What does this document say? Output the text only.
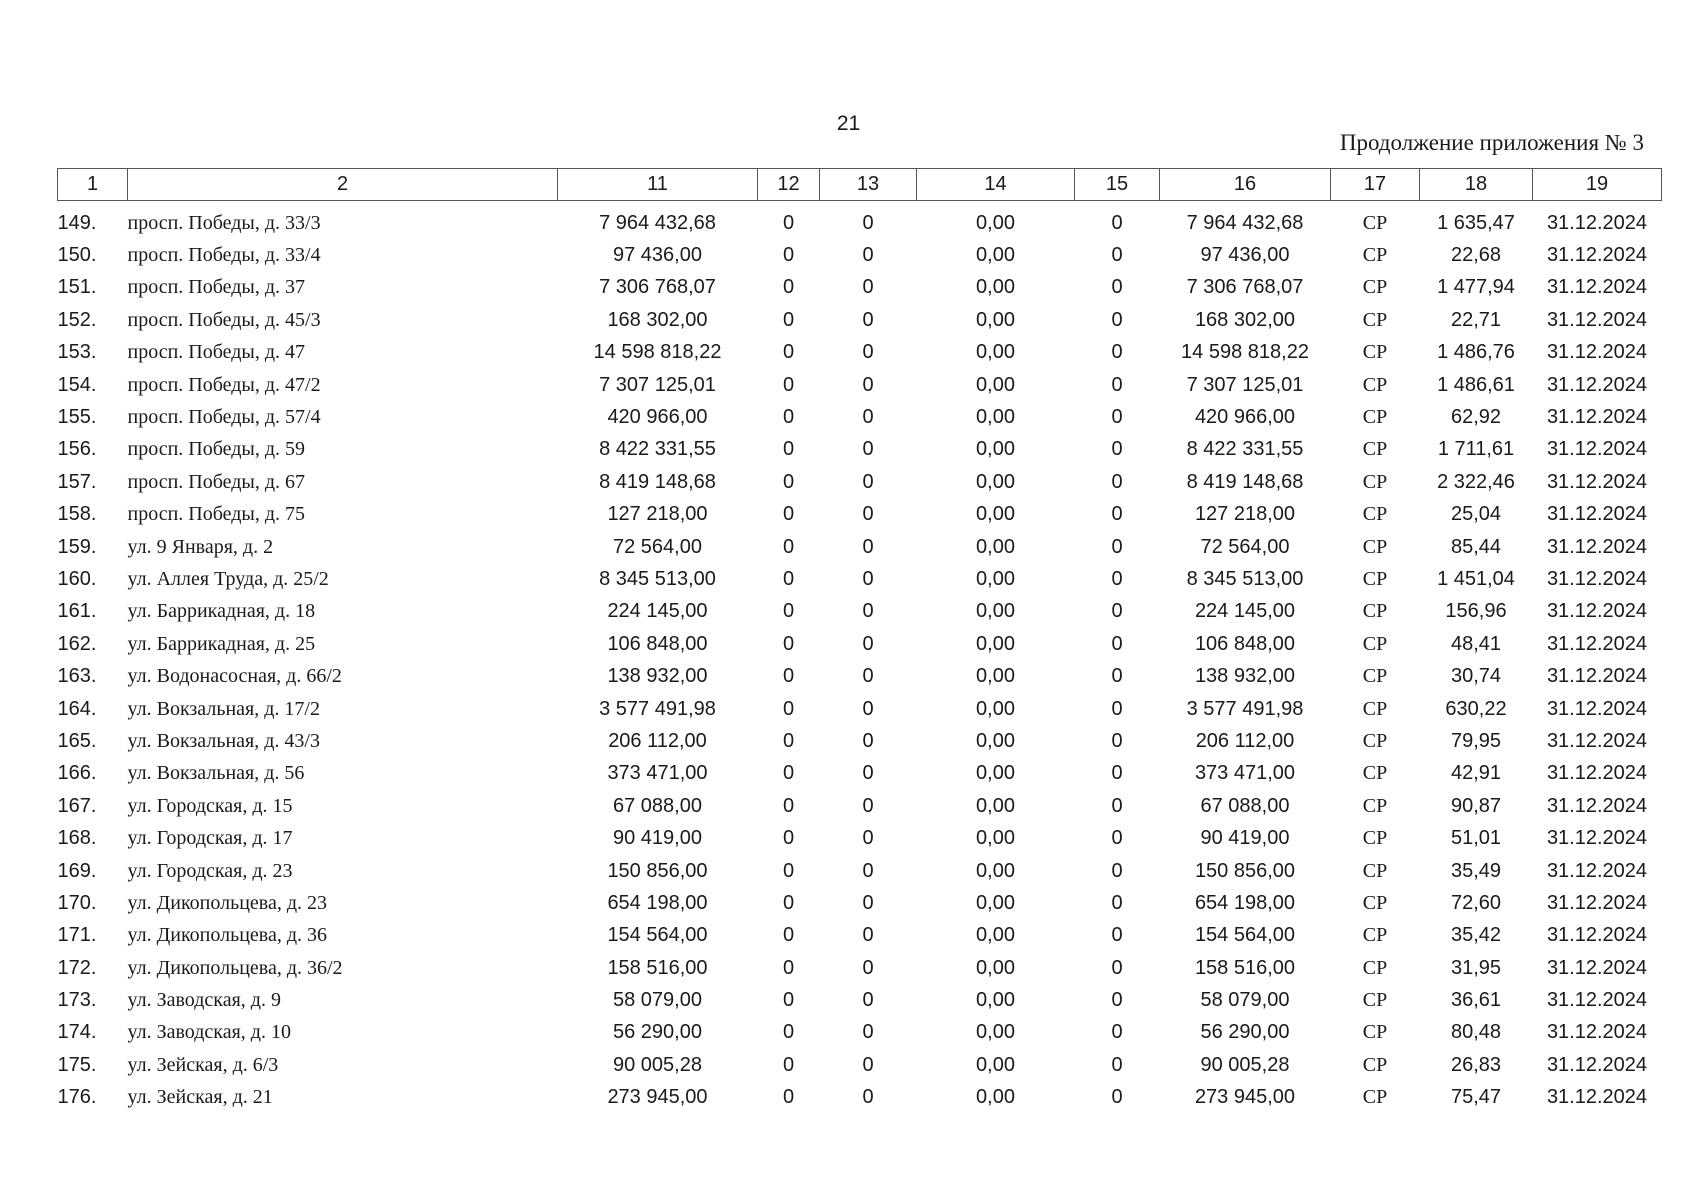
21
Продолжение приложения № 3
1	2	11	12	13	14	15	16	17	18	19

149.	просп. Победы, д. 33/3	7 964 432,68	0	0	0,00	0	7 964 432,68	СР	1 635,47	31.12.2024
150.	просп. Победы, д. 33/4	97 436,00	0	0	0,00	0	97 436,00	СР	22,68	31.12.2024
151.	просп. Победы, д. 37	7 306 768,07	0	0	0,00	0	7 306 768,07	СР	1 477,94	31.12.2024
152.	просп. Победы, д. 45/3	168 302,00	0	0	0,00	0	168 302,00	СР	22,71	31.12.2024
153.	просп. Победы, д. 47	14 598 818,22	0	0	0,00	0	14 598 818,22	СР	1 486,76	31.12.2024
154.	просп. Победы, д. 47/2	7 307 125,01	0	0	0,00	0	7 307 125,01	СР	1 486,61	31.12.2024
155.	просп. Победы, д. 57/4	420 966,00	0	0	0,00	0	420 966,00	СР	62,92	31.12.2024
156.	просп. Победы, д. 59	8 422 331,55	0	0	0,00	0	8 422 331,55	СР	1 711,61	31.12.2024
157.	просп. Победы, д. 67	8 419 148,68	0	0	0,00	0	8 419 148,68	СР	2 322,46	31.12.2024
158.	просп. Победы, д. 75	127 218,00	0	0	0,00	0	127 218,00	СР	25,04	31.12.2024
159.	ул. 9 Января, д. 2	72 564,00	0	0	0,00	0	72 564,00	СР	85,44	31.12.2024
160.	ул. Аллея Труда, д. 25/2	8 345 513,00	0	0	0,00	0	8 345 513,00	СР	1 451,04	31.12.2024
161.	ул. Баррикадная, д. 18	224 145,00	0	0	0,00	0	224 145,00	СР	156,96	31.12.2024
162.	ул. Баррикадная, д. 25	106 848,00	0	0	0,00	0	106 848,00	СР	48,41	31.12.2024
163.	ул. Водонасосная, д. 66/2	138 932,00	0	0	0,00	0	138 932,00	СР	30,74	31.12.2024
164.	ул. Вокзальная, д. 17/2	3 577 491,98	0	0	0,00	0	3 577 491,98	СР	630,22	31.12.2024
165.	ул. Вокзальная, д. 43/3	206 112,00	0	0	0,00	0	206 112,00	СР	79,95	31.12.2024
166.	ул. Вокзальная, д. 56	373 471,00	0	0	0,00	0	373 471,00	СР	42,91	31.12.2024
167.	ул. Городская, д. 15	67 088,00	0	0	0,00	0	67 088,00	СР	90,87	31.12.2024
168.	ул. Городская, д. 17	90 419,00	0	0	0,00	0	90 419,00	СР	51,01	31.12.2024
169.	ул. Городская, д. 23	150 856,00	0	0	0,00	0	150 856,00	СР	35,49	31.12.2024
170.	ул. Дикопольцева, д. 23	654 198,00	0	0	0,00	0	654 198,00	СР	72,60	31.12.2024
171.	ул. Дикопольцева, д. 36	154 564,00	0	0	0,00	0	154 564,00	СР	35,42	31.12.2024
172.	ул. Дикопольцева, д. 36/2	158 516,00	0	0	0,00	0	158 516,00	СР	31,95	31.12.2024
173.	ул. Заводская, д. 9	58 079,00	0	0	0,00	0	58 079,00	СР	36,61	31.12.2024
174.	ул. Заводская, д. 10	56 290,00	0	0	0,00	0	56 290,00	СР	80,48	31.12.2024
175.	ул. Зейская, д. 6/3	90 005,28	0	0	0,00	0	90 005,28	СР	26,83	31.12.2024
176.	ул. Зейская, д. 21	273 945,00	0	0	0,00	0	273 945,00	СР	75,47	31.12.2024
